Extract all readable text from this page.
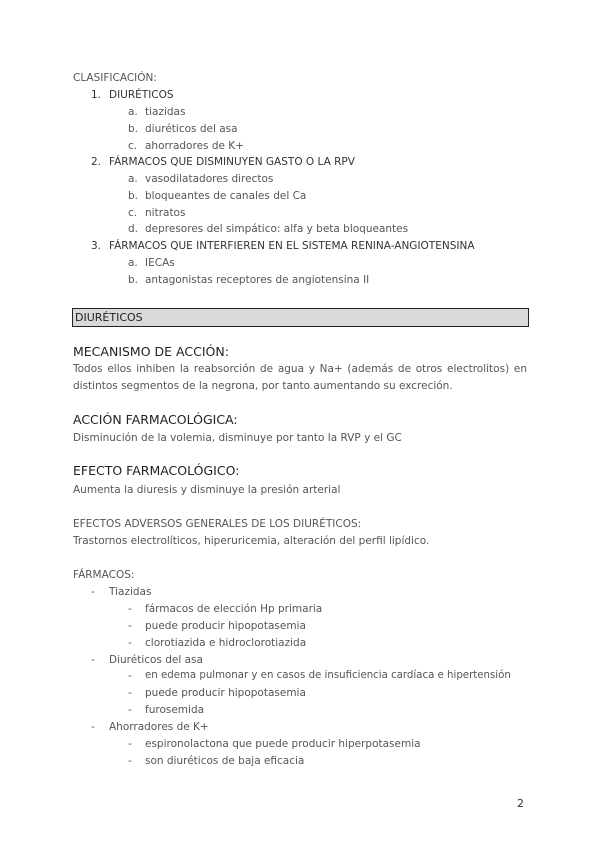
CLASIFICACIÓN:
1. DIURÉTICOS
a. tiazidas
b. diuréticos del asa
c. ahorradores de K+
2. FÁRMACOS QUE DISMINUYEN GASTO O LA RPV
a. vasodilatadores directos
b. bloqueantes de canales del Ca
c. nitratos
d. depresores del simpático: alfa y beta bloqueantes
3. FÁRMACOS QUE INTERFIEREN EN EL SISTEMA RENINA-ANGIOTENSINA
a. IECAs
b. antagonistas receptores de angiotensina II
DIURÉTICOS
MECANISMO DE ACCIÓN:
Todos ellos inhiben la reabsorción de agua y Na+ (además de otros electrolitos) en distintos segmentos de la negrona, por tanto aumentando su excreción.
ACCIÓN FARMACOLÓGICA:
Disminución de la volemia, disminuye por tanto la RVP y el GC
EFECTO FARMACOLÓGICO:
Aumenta la diuresis y disminuye la presión arterial
EFECTOS ADVERSOS GENERALES DE LOS DIURÉTICOS:
Trastornos electrolíticos, hiperuricemia, alteración del perfil lipídico.
FÁRMACOS:
- Tiazidas
- fármacos de elección Hp primaria
- puede producir hipopotasemia
- clorotiazida e hidroclorotiazida
- Diuréticos del asa
- en edema pulmonar y en casos de insuficiencia cardíaca e hipertensión
- puede producir hipopotasemia
- furosemida
- Ahorradores de K+
- espironolactona que puede producir hiperpotasemia
- son diuréticos de baja eficacia
2
